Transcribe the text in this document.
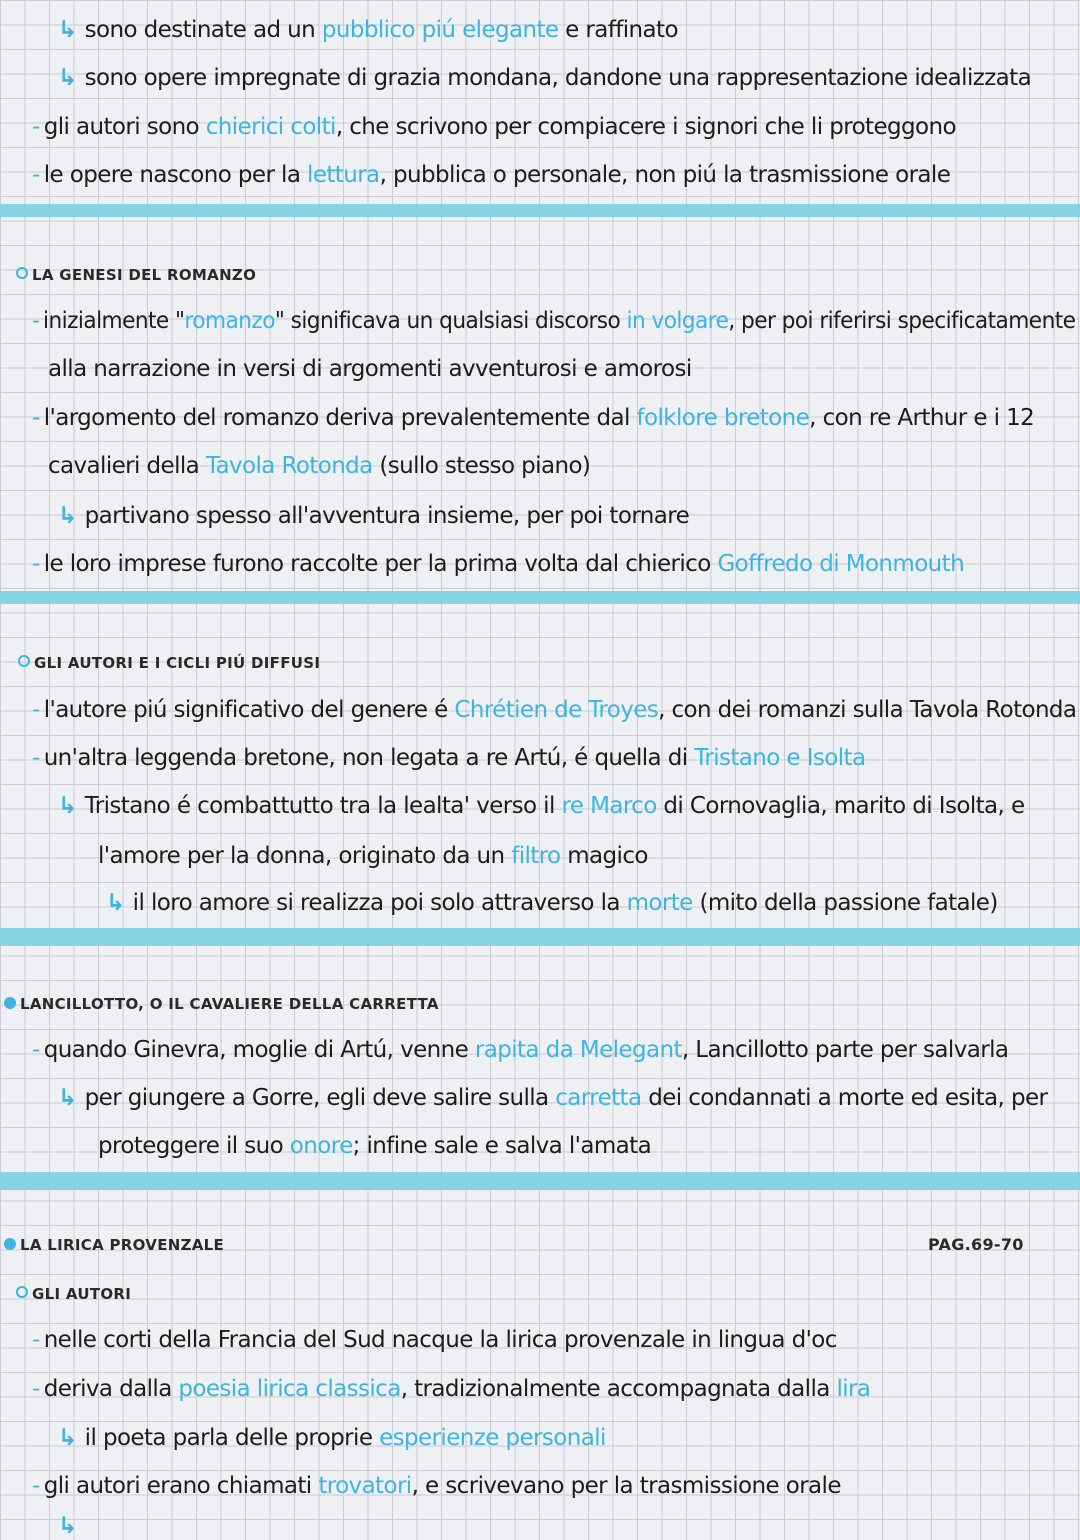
↳ sono destinate ad un pubblico piú elegante e raffinato
↳ sono opere impregnate di grazia mondana, dandone una rappresentazione idealizzata
- gli autori sono chierici colti, che scrivono per compiacere i signori che li proteggono
- le opere nascono per la lettura, pubblica o personale, non piú la trasmissione orale
LA GENESI DEL ROMANZO
- inizialmente "romanzo" significava un qualsiasi discorso in volgare, per poi riferirsi specificatamente
alla narrazione in versi di argomenti avventurosi e amorosi
- l'argomento del romanzo deriva prevalentemente dal folklore bretone, con re Arthur e i 12
cavalieri della Tavola Rotonda (sullo stesso piano)
↳ partivano spesso all'avventura insieme, per poi tornare
- le loro imprese furono raccolte per la prima volta dal chierico Goffredo di Monmouth
GLI AUTORI E I CICLI PIÚ DIFFUSI
- l'autore piú significativo del genere é Chrétien de Troyes, con dei romanzi sulla Tavola Rotonda
- un'altra leggenda bretone, non legata a re Artú, é quella di Tristano e Isolta
↳ Tristano é combattutto tra la lealta' verso il re Marco di Cornovaglia, marito di Isolta, e
l'amore per la donna, originato da un filtro magico
↳ il loro amore si realizza poi solo attraverso la morte (mito della passione fatale)
LANCILLOTTO, O IL CAVALIERE DELLA CARRETTA
- quando Ginevra, moglie di Artú, venne rapita da Melegant, Lancillotto parte per salvarla
↳ per giungere a Gorre, egli deve salire sulla carretta dei condannati a morte ed esita, per
proteggere il suo onore; infine sale e salva l'amata
LA LIRICA PROVENZALE	PAG.69-70
GLI AUTORI
- nelle corti della Francia del Sud nacque la lirica provenzale in lingua d'oc
- deriva dalla poesia lirica classica, tradizionalmente accompagnata dalla lira
↳ il poeta parla delle proprie esperienze personali
- gli autori erano chiamati trovatori, e scrivevano per la trasmissione orale
↳
